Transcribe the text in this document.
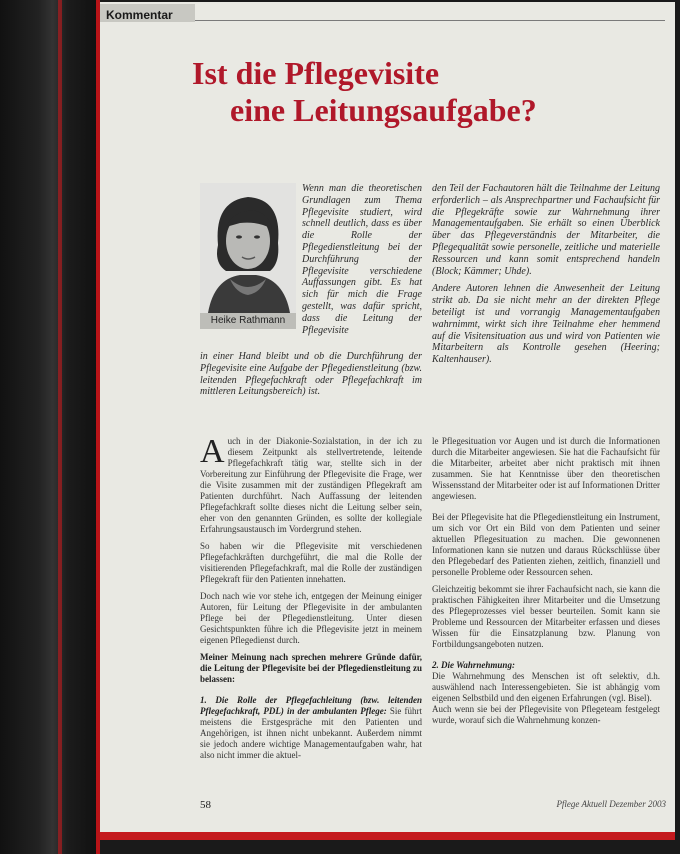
Kommentar
Ist die Pflegevisite
eine Leitungsaufgabe?
Heike Rathmann
Wenn man die theoretischen Grundlagen zum Thema Pflegevisite studiert, wird schnell deutlich, dass es über die Rolle der Pflegedienstleitung bei der Durchführung der Pflegevisite verschiedene Auffassungen gibt. Es hat sich für mich die Frage gestellt, was dafür spricht, dass die Leitung der Pflegevisite
in einer Hand bleibt und ob die Durchführung der Pflegevisite eine Aufgabe der Pflegedienstleitung (bzw. leitenden Pflegefachkraft oder Pflegefachkraft im mittleren Leitungsbereich) ist.

den Teil der Fachautoren hält die Teilnahme der Leitung erforderlich – als Ansprechpartner und Fachaufsicht für die Pflegekräfte sowie zur Wahrnehmung ihrer Managementaufgaben. Sie erhält so einen Überblick über das Pflegeverständnis der Mitarbeiter, die Pflegequalität sowie personelle, zeitliche und materielle Ressourcen und kann somit entsprechend handeln (Block; Kämmer; Uhde).

Andere Autoren lehnen die Anwesenheit der Leitung strikt ab. Da sie nicht mehr an der direkten Pflege beteiligt ist und vorrangig Managementaufgaben wahrnimmt, wirkt sich ihre Teilnahme eher hemmend auf die Visitensituation aus und wird von Patienten wie Mitarbeitern als Kontrolle gesehen (Heering; Kaltenhauser).

Auch in der Diakonie-Sozialstation, in der ich zu diesem Zeitpunkt als stellvertretende, leitende Pflegefachkraft tätig war, stellte sich in der Vorbereitung zur Einführung der Pflegevisite die Frage, wer die Visite zusammen mit der zuständigen Pflegekraft am Patienten durchführt. Nach Auffassung der leitenden Pflegefachkraft sollte dieses nicht die Leitung selber sein, eher von den genannten Gründen, es sollte der kollegiale Erfahrungsaustausch im Vordergrund stehen.

So haben wir die Pflegevisite mit verschiedenen Pflegefachkräften durchgeführt, die mal die Rolle der visitierenden Pflegefachkraft, mal die Rolle der zuständigen Pflegekraft für den Patienten innehatten.

Doch nach wie vor stehe ich, entgegen der Meinung einiger Autoren, für Leitung der Pflegevisite in der ambulanten Pflege bei der Pflegedienstleitung. Unter diesen Gesichtspunkten führe ich die Pflegevisite jetzt in meinem eigenen Pflegedienst durch.

Meiner Meinung nach sprechen mehrere Gründe dafür, die Leitung der Pflegevisite bei der Pflegedienstleitung zu belassen:

1. Die Rolle der Pflegefachleitung (bzw. leitenden Pflegefachkraft, PDL) in der ambulanten Pflege: Sie führt meistens die Erstgespräche mit den Patienten und Angehörigen, ist ihnen nicht unbekannt. Außerdem nimmt sie jedoch andere wichtige Managementaufgaben wahr, hat also nicht immer die aktuel-

le Pflegesituation vor Augen und ist durch die Informationen durch die Mitarbeiter angewiesen. Sie hat die Fachaufsicht für die Mitarbeiter, arbeitet aber nicht praktisch mit ihnen zusammen. Sie hat Kenntnisse über den theoretischen Wissensstand der Mitarbeiter oder ist auf Informationen Dritter angewiesen.

Bei der Pflegevisite hat die Pflegedienstleitung ein Instrument, um sich vor Ort ein Bild von dem Patienten und seiner aktuellen Pflegesituation zu machen. Die gewonnenen Informationen kann sie nutzen und daraus Rückschlüsse über den Pflegebedarf des Patienten ziehen, zeitlich, finanziell und personelle Probleme oder Ressourcen sehen.

Gleichzeitig bekommt sie ihrer Fachaufsicht nach, sie kann die praktischen Fähigkeiten ihrer Mitarbeiter und die Umsetzung des Pflegeprozesses viel besser beurteilen. Somit kann sie Probleme und Ressourcen der Mitarbeiter erfassen und dieses Wissen für die Einsatzplanung bzw. Planung von Fortbildungsangeboten nutzen.

2. Die Wahrnehmung:

Die Wahrnehmung des Menschen ist oft selektiv, d.h. auswählend nach Interessengebieten. Sie ist abhängig vom eigenen Selbstbild und den eigenen Erfahrungen (vgl. Bisel).

Auch wenn sie bei der Pflegevisite von Pflegeteam festgelegt wurde, worauf sich die Wahrnehmung konzen-

58	Pflege Aktuell Dezember 2003
